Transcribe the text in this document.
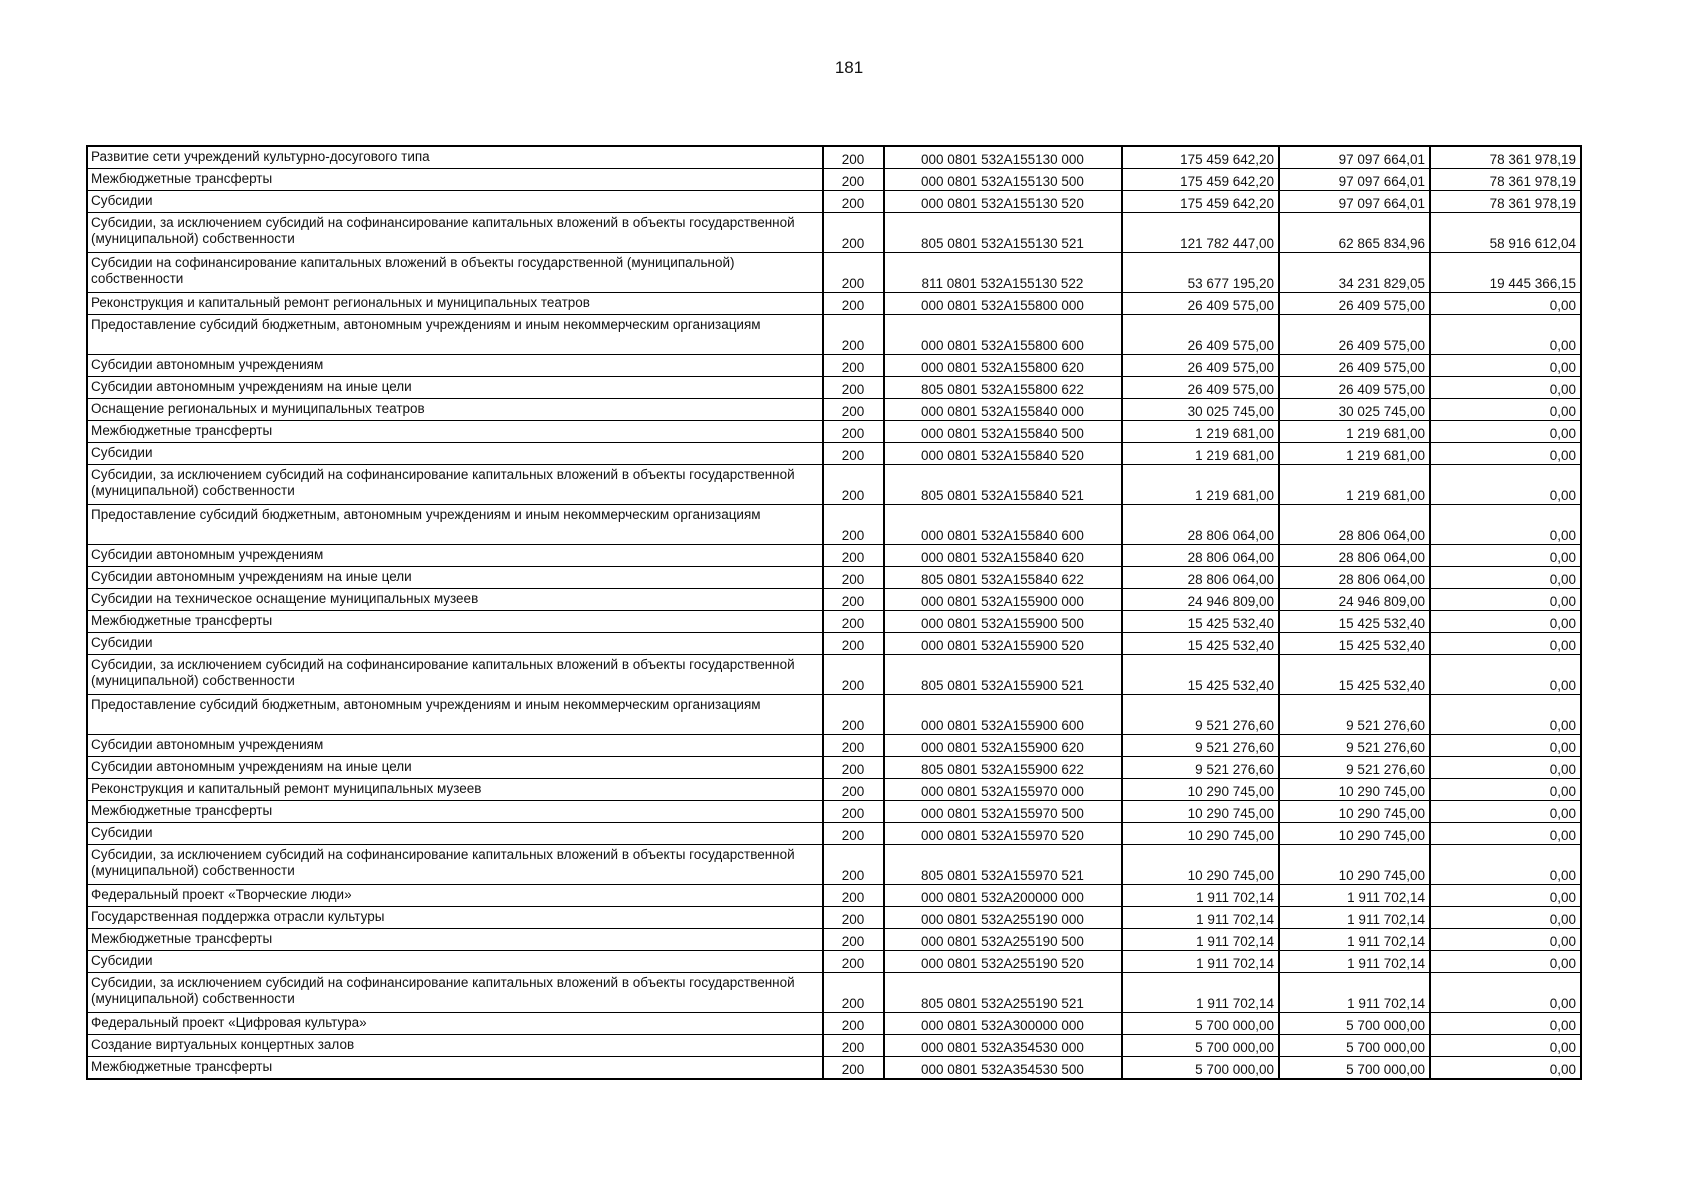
181
Развитие сети учреждений культурно-досугового типа	200	000 0801 532A155130 000	175 459 642,20	97 097 664,01	78 361 978,19
Межбюджетные трансферты	200	000 0801 532A155130 500	175 459 642,20	97 097 664,01	78 361 978,19
Субсидии	200	000 0801 532A155130 520	175 459 642,20	97 097 664,01	78 361 978,19
Субсидии, за исключением субсидий на софинансирование капитальных вложений в объекты государственной (муниципальной) собственности	200	805 0801 532A155130 521	121 782 447,00	62 865 834,96	58 916 612,04
Субсидии на софинансирование капитальных вложений в объекты государственной (муниципальной) собственности	200	811 0801 532A155130 522	53 677 195,20	34 231 829,05	19 445 366,15
Реконструкция и капитальный ремонт региональных и муниципальных театров	200	000 0801 532A155800 000	26 409 575,00	26 409 575,00	0,00
Предоставление субсидий бюджетным, автономным учреждениям и иным некоммерческим организациям	200	000 0801 532A155800 600	26 409 575,00	26 409 575,00	0,00
Субсидии автономным учреждениям	200	000 0801 532A155800 620	26 409 575,00	26 409 575,00	0,00
Субсидии автономным учреждениям на иные цели	200	805 0801 532A155800 622	26 409 575,00	26 409 575,00	0,00
Оснащение региональных и муниципальных театров	200	000 0801 532A155840 000	30 025 745,00	30 025 745,00	0,00
Межбюджетные трансферты	200	000 0801 532A155840 500	1 219 681,00	1 219 681,00	0,00
Субсидии	200	000 0801 532A155840 520	1 219 681,00	1 219 681,00	0,00
Субсидии, за исключением субсидий на софинансирование капитальных вложений в объекты государственной (муниципальной) собственности	200	805 0801 532A155840 521	1 219 681,00	1 219 681,00	0,00
Предоставление субсидий бюджетным, автономным учреждениям и иным некоммерческим организациям	200	000 0801 532A155840 600	28 806 064,00	28 806 064,00	0,00
Субсидии автономным учреждениям	200	000 0801 532A155840 620	28 806 064,00	28 806 064,00	0,00
Субсидии автономным учреждениям на иные цели	200	805 0801 532A155840 622	28 806 064,00	28 806 064,00	0,00
Субсидии на техническое оснащение муниципальных музеев	200	000 0801 532A155900 000	24 946 809,00	24 946 809,00	0,00
Межбюджетные трансферты	200	000 0801 532A155900 500	15 425 532,40	15 425 532,40	0,00
Субсидии	200	000 0801 532A155900 520	15 425 532,40	15 425 532,40	0,00
Субсидии, за исключением субсидий на софинансирование капитальных вложений в объекты государственной (муниципальной) собственности	200	805 0801 532A155900 521	15 425 532,40	15 425 532,40	0,00
Предоставление субсидий бюджетным, автономным учреждениям и иным некоммерческим организациям	200	000 0801 532A155900 600	9 521 276,60	9 521 276,60	0,00
Субсидии автономным учреждениям	200	000 0801 532A155900 620	9 521 276,60	9 521 276,60	0,00
Субсидии автономным учреждениям на иные цели	200	805 0801 532A155900 622	9 521 276,60	9 521 276,60	0,00
Реконструкция и капитальный ремонт муниципальных музеев	200	000 0801 532A155970 000	10 290 745,00	10 290 745,00	0,00
Межбюджетные трансферты	200	000 0801 532A155970 500	10 290 745,00	10 290 745,00	0,00
Субсидии	200	000 0801 532A155970 520	10 290 745,00	10 290 745,00	0,00
Субсидии, за исключением субсидий на софинансирование капитальных вложений в объекты государственной (муниципальной) собственности	200	805 0801 532A155970 521	10 290 745,00	10 290 745,00	0,00
Федеральный проект «Творческие люди»	200	000 0801 532A200000 000	1 911 702,14	1 911 702,14	0,00
Государственная поддержка отрасли культуры	200	000 0801 532A255190 000	1 911 702,14	1 911 702,14	0,00
Межбюджетные трансферты	200	000 0801 532A255190 500	1 911 702,14	1 911 702,14	0,00
Субсидии	200	000 0801 532A255190 520	1 911 702,14	1 911 702,14	0,00
Субсидии, за исключением субсидий на софинансирование капитальных вложений в объекты государственной (муниципальной) собственности	200	805 0801 532A255190 521	1 911 702,14	1 911 702,14	0,00
Федеральный проект «Цифровая культура»	200	000 0801 532A300000 000	5 700 000,00	5 700 000,00	0,00
Создание виртуальных концертных залов	200	000 0801 532A354530 000	5 700 000,00	5 700 000,00	0,00
Межбюджетные трансферты	200	000 0801 532A354530 500	5 700 000,00	5 700 000,00	0,00
